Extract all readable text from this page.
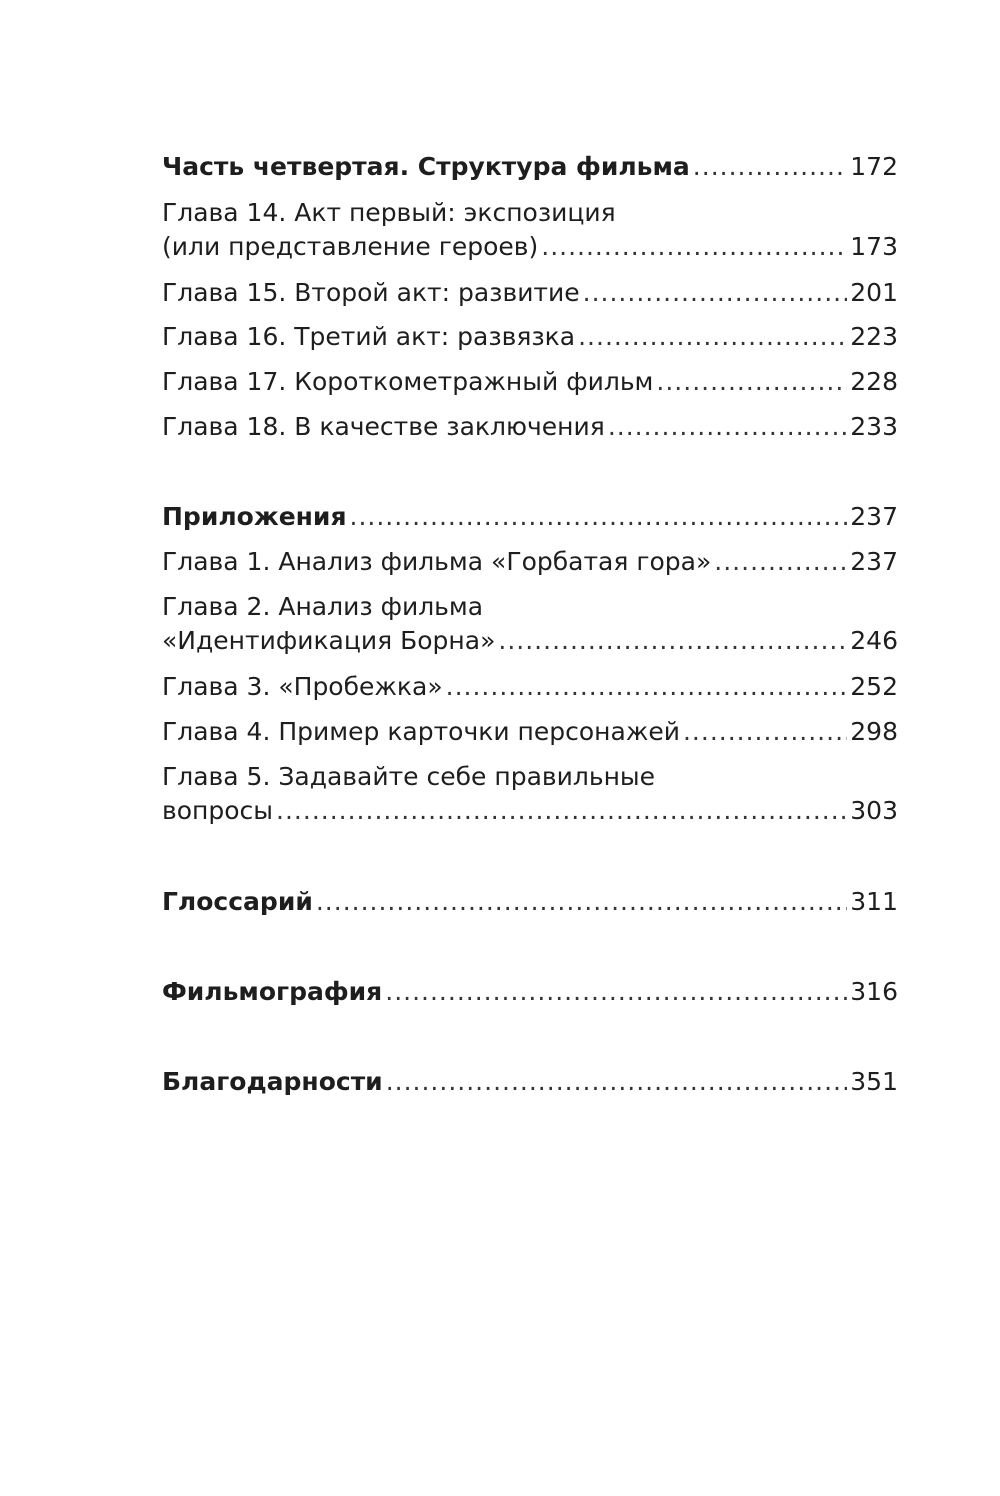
Часть четвертая. Структура фильма .....	172
Глава 14. Акт первый: экспозиция
(или представление героев) .....	173
Глава 15. Второй акт: развитие .....	201
Глава 16. Третий акт: развязка .....	223
Глава 17. Короткометражный фильм .....	228
Глава 18. В качестве заключения .....	233
Приложения .....	237
Глава 1. Анализ фильма «Горбатая гора» .....	237
Глава 2. Анализ фильма
«Идентификация Борна» .....	246
Глава 3. «Пробежка» .....	252
Глава 4. Пример карточки персонажей .....	298
Глава 5. Задавайте себе правильные
вопросы .....	303
Глоссарий .....	311
Фильмография .....	316
Благодарности .....	351
